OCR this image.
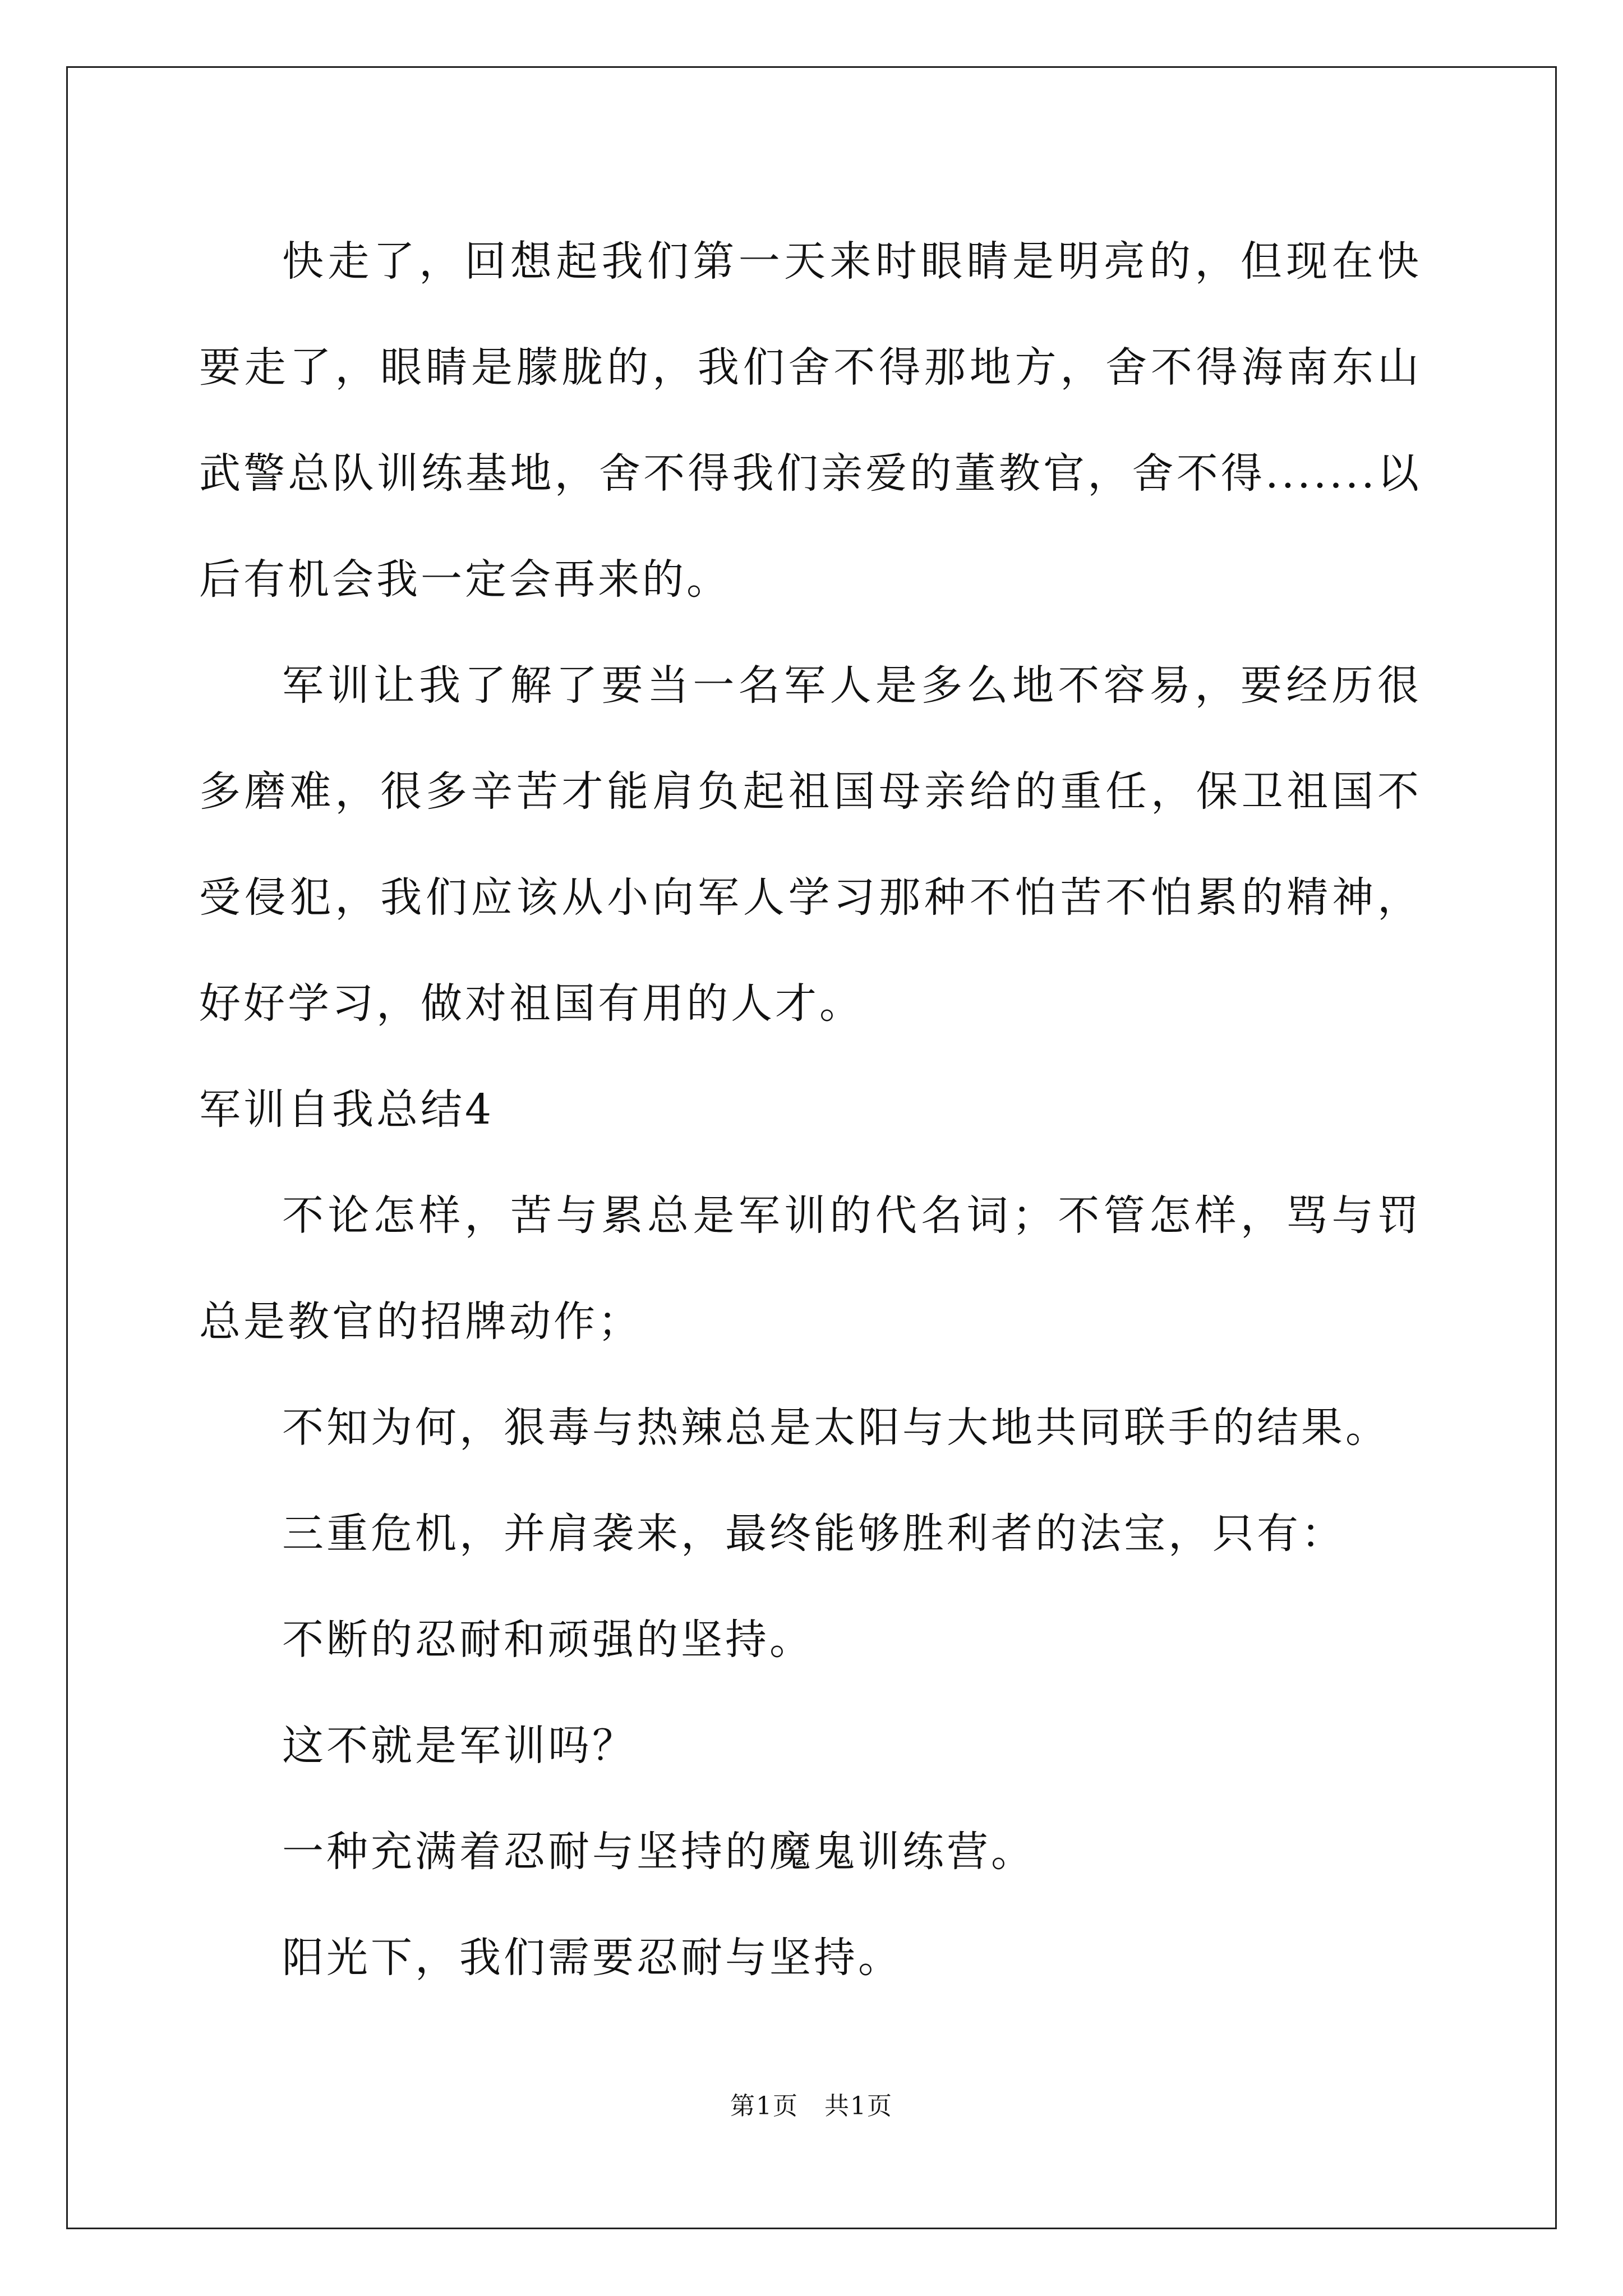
快走了，回想起我们第一天来时眼睛是明亮的，但现在快要走了，眼睛是朦胧的，我们舍不得那地方，舍不得海南东山武警总队训练基地，舍不得我们亲爱的董教官，舍不得.......以后有机会我一定会再来的。

军训让我了解了要当一名军人是多么地不容易，要经历很多磨难，很多辛苦才能肩负起祖国母亲给的重任，保卫祖国不受侵犯，我们应该从小向军人学习那种不怕苦不怕累的精神，好好学习，做对祖国有用的人才。

军训自我总结4

不论怎样，苦与累总是军训的代名词；不管怎样，骂与罚总是教官的招牌动作；

不知为何，狠毒与热辣总是太阳与大地共同联手的结果。

三重危机，并肩袭来，最终能够胜利者的法宝，只有：

不断的忍耐和顽强的坚持。

这不就是军训吗？

一种充满着忍耐与坚持的魔鬼训练营。

阳光下，我们需要忍耐与坚持。

第1页　共1页
